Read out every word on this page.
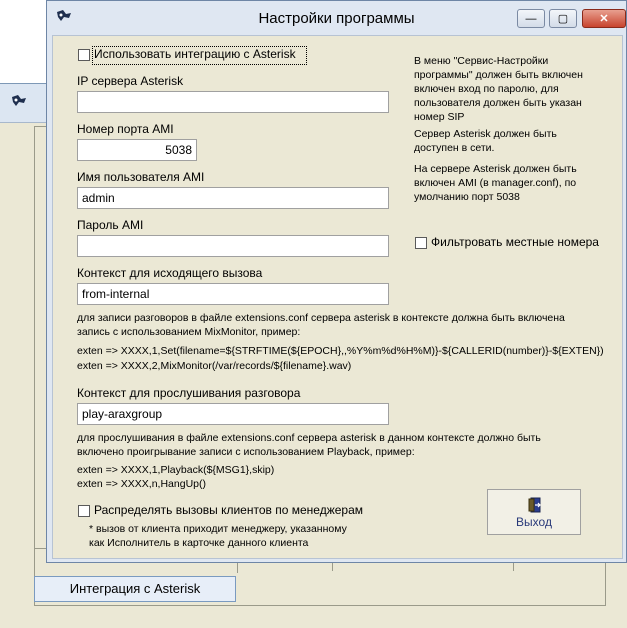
Интеграция с Asterisk
Настройки программы	—	▢	✕
Использовать интеграцию с Asterisk
IP сервера Asterisk
Номер порта AMI
5038
Имя пользователя AMI
admin
Пароль AMI
Контекст для исходящего вызова
from-internal
для записи разговоров в файле extensions.conf сервера asterisk в контексте должна быть включена
запись с использованием MixMonitor, пример:
exten => XXXX,1,Set(filename=${STRFTIME(${EPOCH},,%Y%m%d%H%M)}-${CALLERID(number)}-${EXTEN})
exten => XXXX,2,MixMonitor(/var/records/${filename}.wav)
Контекст для прослушивания разговора
play-araxgroup
для прослушивания в файле extensions.conf сервера asterisk в данном контексте должно быть
включено проигрывание записи с использованием Playback, пример:
exten => XXXX,1,Playback(${MSG1},skip)
exten => XXXX,n,HangUp()
Распределять вызовы клиентов по менеджерам
* вызов от клиента приходит менеджеру, указанному
как Исполнитель в карточке данного клиента
В меню "Сервис-Настройки
программы" должен быть включен
включен вход по паролю, для
пользователя должен быть указан
номер SIP
Сервер Asterisk должен быть
доступен в сети.
На сервере Asterisk должен быть
включен AMI (в manager.conf), по
умолчанию порт 5038
Фильтровать местные номера
Выход
